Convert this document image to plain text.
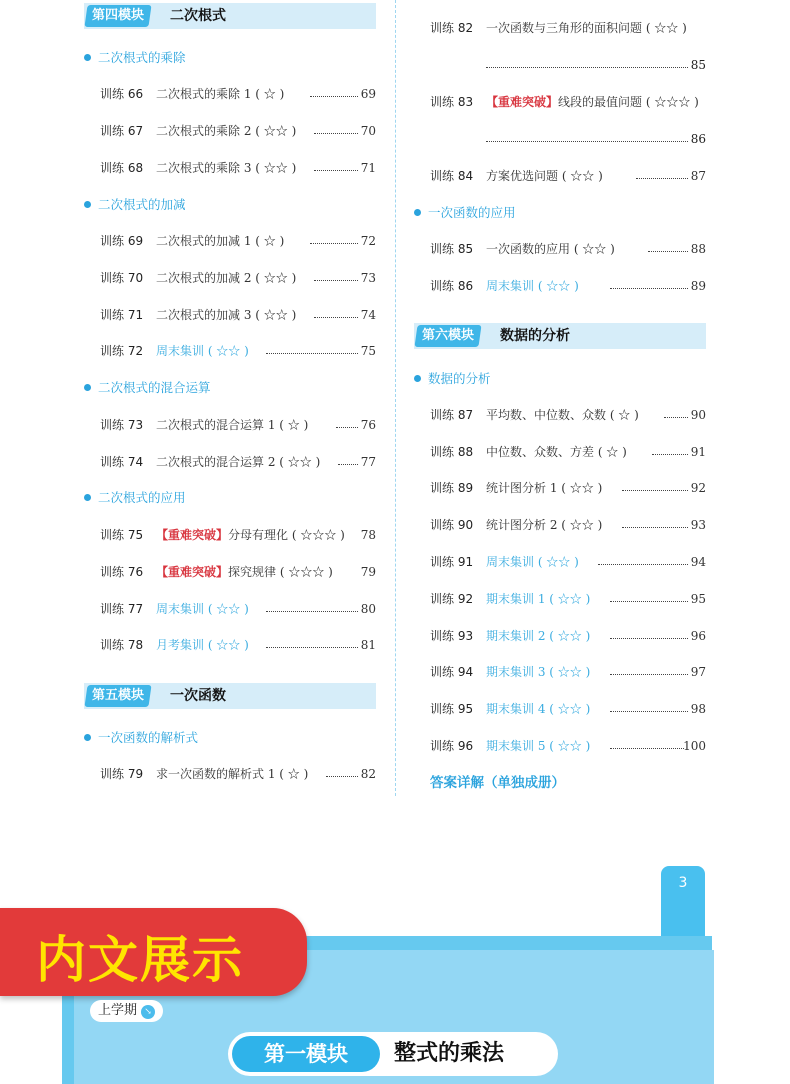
第四模块	二次根式
二次根式的乘除
训练 66 二次根式的乘除 1 ( ☆ )	69
训练 67 二次根式的乘除 2 ( ☆☆ )	70
训练 68 二次根式的乘除 3 ( ☆☆ )	71
二次根式的加减
训练 69 二次根式的加减 1 ( ☆ )	72
训练 70 二次根式的加减 2 ( ☆☆ )	73
训练 71 二次根式的加减 3 ( ☆☆ )	74
训练 72 周末集训 ( ☆☆ )	75
二次根式的混合运算
训练 73 二次根式的混合运算 1 ( ☆ )	76
训练 74 二次根式的混合运算 2 ( ☆☆ )	77
二次根式的应用
训练 75 【重难突破】分母有理化 ( ☆☆☆ ) 78
训练 76 【重难突破】探究规律 ( ☆☆☆ ) 79
训练 77 周末集训 ( ☆☆ )	80
训练 78 月考集训 ( ☆☆ )	81
第五模块	一次函数
一次函数的解析式
训练 79 求一次函数的解析式 1 ( ☆ )	82
训练 82 一次函数与三角形的面积问题 ( ☆☆ )
85
训练 83 【重难突破】线段的最值问题 ( ☆☆☆ )
86
训练 84 方案优选问题 ( ☆☆ )	87
一次函数的应用
训练 85 一次函数的应用 ( ☆☆ )	88
训练 86 周末集训 ( ☆☆ )	89
第六模块	数据的分析
数据的分析
训练 87 平均数、中位数、众数 ( ☆ )	90
训练 88 中位数、众数、方差 ( ☆ )	91
训练 89 统计图分析 1 ( ☆☆ )	92
训练 90 统计图分析 2 ( ☆☆ )	93
训练 91 周末集训 ( ☆☆ )	94
训练 92 期末集训 1 ( ☆☆ )	95
训练 93 期末集训 2 ( ☆☆ )	96
训练 94 期末集训 3 ( ☆☆ )	97
训练 95 期末集训 4 ( ☆☆ )	98
训练 96 期末集训 5 ( ☆☆ )	100
答案详解（单独成册）
3
内文展示
上学期 ↘
第一模块	整式的乘法
